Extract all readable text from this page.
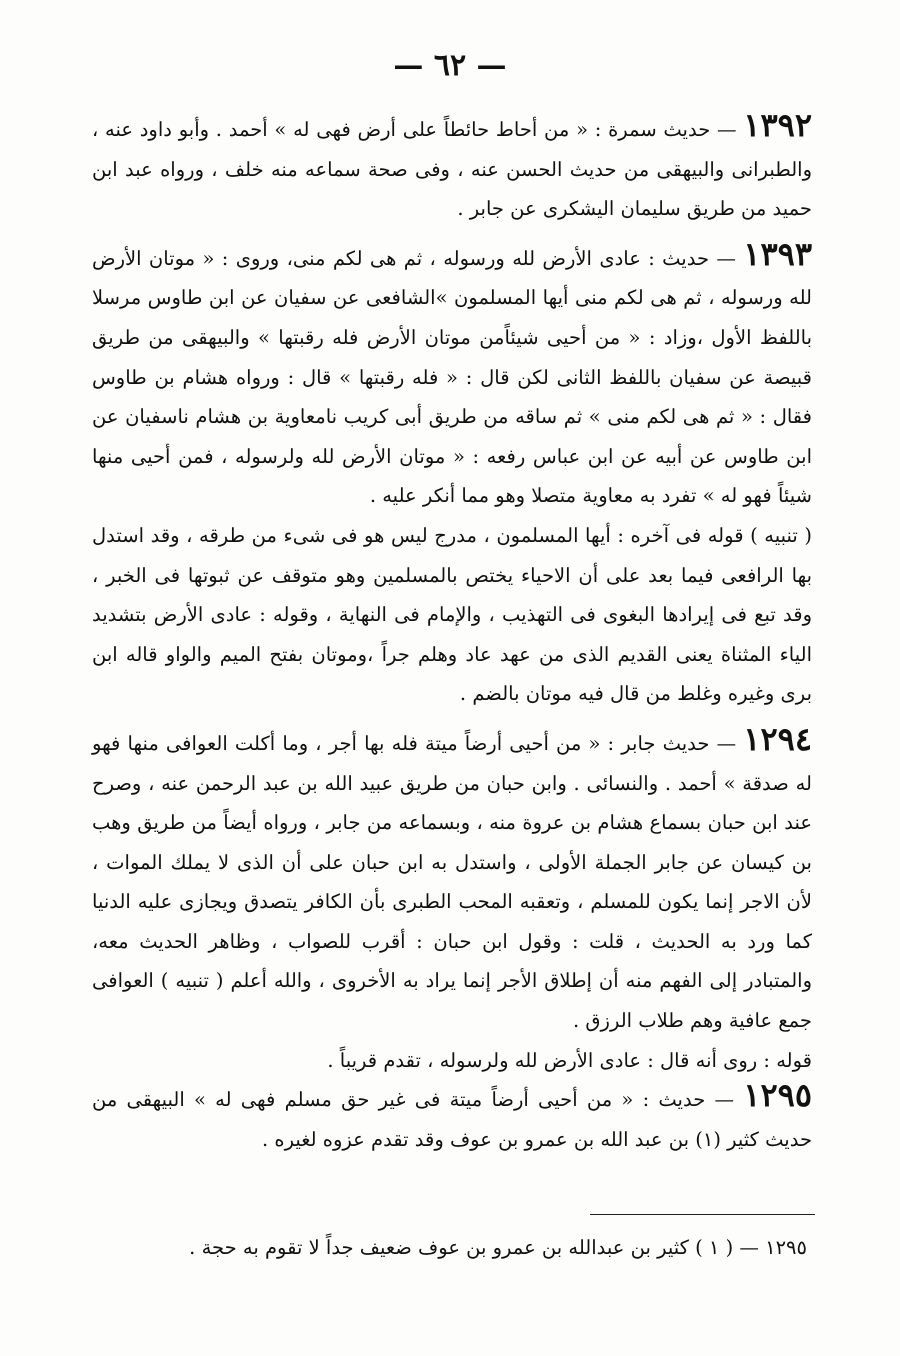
— ٦٢ —

١٣٩٢ — حديث سمرة : « من أحاط حائطاً على أرض فهى له » أحمد . وأبو داود عنه ، والطبرانى والبيهقى من حديث الحسن عنه ، وفى صحة سماعه منه خلف ، ورواه عبد ابن حميد من طريق سليمان اليشكرى عن جابر .

١٣٩٣ — حديث : عادى الأرض لله ورسوله ، ثم هى لكم منى، وروى : « موتان الأرض لله ورسوله ، ثم هى لكم منى أيها المسلمون »الشافعى عن سفيان عن ابن طاوس مرسلا باللفظ الأول ،وزاد : « من أحيى شيئاًمن موتان الأرض فله رقبتها » والبيهقى من طريق قبيصة عن سفيان باللفظ الثانى لكن قال : « فله رقبتها » قال : ورواه هشام بن طاوس فقال : « ثم هى لكم منى » ثم ساقه من طريق أبى كريب نامعاوية بن هشام ناسفيان عن ابن طاوس عن أبيه عن ابن عباس رفعه : « موتان الأرض لله ولرسوله ، فمن أحيى منها شيئاً فهو له » تفرد به معاوية متصلا وهو مما أنكر عليه .

( تنبيه ) قوله فى آخره : أيها المسلمون ، مدرج ليس هو فى شىء من طرقه ، وقد استدل بها الرافعى فيما بعد على أن الاحياء يختص بالمسلمين وهو متوقف عن ثبوتها فى الخبر ، وقد تبع فى إيرادها البغوى فى التهذيب ، والإمام فى النهاية ، وقوله : عادى الأرض بتشديد الياء المثناة يعنى القديم الذى من عهد عاد وهلم جراً ،وموتان بفتح الميم والواو قاله ابن برى وغيره وغلط من قال فيه موتان بالضم .

١٢٩٤ — حديث جابر : « من أحيى أرضاً ميتة فله بها أجر ، وما أكلت العوافى منها فهو له صدقة » أحمد . والنسائى . وابن حبان من طريق عبيد الله بن عبد الرحمن عنه ، وصرح عند ابن حبان بسماع هشام بن عروة منه ، وبسماعه من جابر ، ورواه أيضاً من طريق وهب بن كيسان عن جابر الجملة الأولى ، واستدل به ابن حبان على أن الذى لا يملك الموات ، لأن الاجر إنما يكون للمسلم ، وتعقبه المحب الطبرى بأن الكافر يتصدق ويجازى عليه الدنيا كما ورد به الحديث ، قلت : وقول ابن حبان : أقرب للصواب ، وظاهر الحديث معه، والمتبادر إلى الفهم منه أن إطلاق الأجر إنما يراد به الأخروى ، والله أعلم ( تنبيه ) العوافى جمع عافية وهم طلاب الرزق .

قوله : روى أنه قال : عادى الأرض لله ولرسوله ، تقدم قريباً .

١٢٩٥ — حديث : « من أحيى أرضاً ميتة فى غير حق مسلم فهى له » البيهقى من حديث كثير (١) بن عبد الله بن عمرو بن عوف وقد تقدم عزوه لغيره .

١٢٩٥ — ( ١ ) كثير بن عبدالله بن عمرو بن عوف ضعيف جداً لا تقوم به حجة .
